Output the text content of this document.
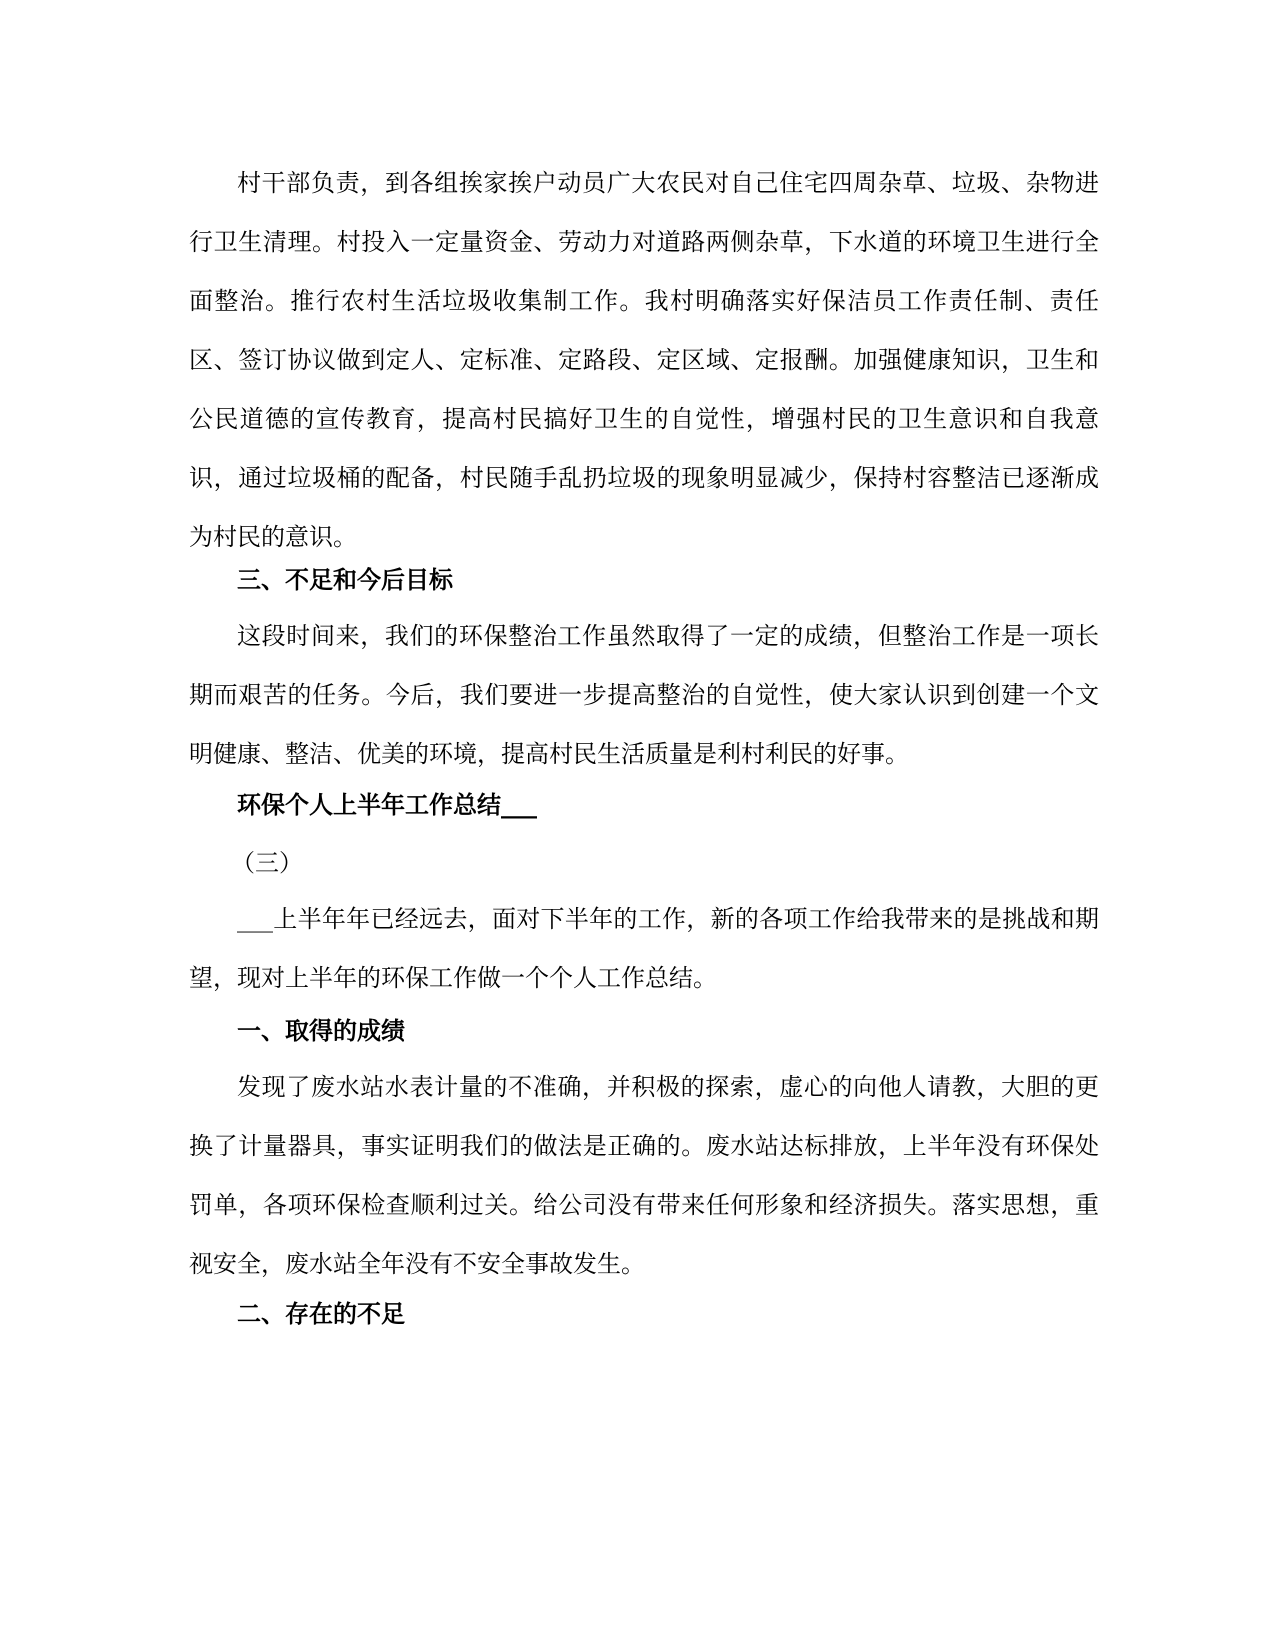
村干部负责，到各组挨家挨户动员广大农民对自己住宅四周杂草、垃圾、杂物进行卫生清理。村投入一定量资金、劳动力对道路两侧杂草，下水道的环境卫生进行全面整治。推行农村生活垃圾收集制工作。我村明确落实好保洁员工作责任制、责任区、签订协议做到定人、定标准、定路段、定区域、定报酬。加强健康知识，卫生和公民道德的宣传教育，提高村民搞好卫生的自觉性，增强村民的卫生意识和自我意识，通过垃圾桶的配备，村民随手乱扔垃圾的现象明显减少，保持村容整洁已逐渐成为村民的意识。

三、不足和今后目标

这段时间来，我们的环保整治工作虽然取得了一定的成绩，但整治工作是一项长期而艰苦的任务。今后，我们要进一步提高整治的自觉性，使大家认识到创建一个文明健康、整洁、优美的环境，提高村民生活质量是利村利民的好事。

环保个人上半年工作总结___

（三）

___上半年年已经远去，面对下半年的工作，新的各项工作给我带来的是挑战和期望，现对上半年的环保工作做一个个人工作总结。

一、取得的成绩

发现了废水站水表计量的不准确，并积极的探索，虚心的向他人请教，大胆的更换了计量器具，事实证明我们的做法是正确的。废水站达标排放，上半年没有环保处罚单，各项环保检查顺利过关。给公司没有带来任何形象和经济损失。落实思想，重视安全，废水站全年没有不安全事故发生。

二、存在的不足
